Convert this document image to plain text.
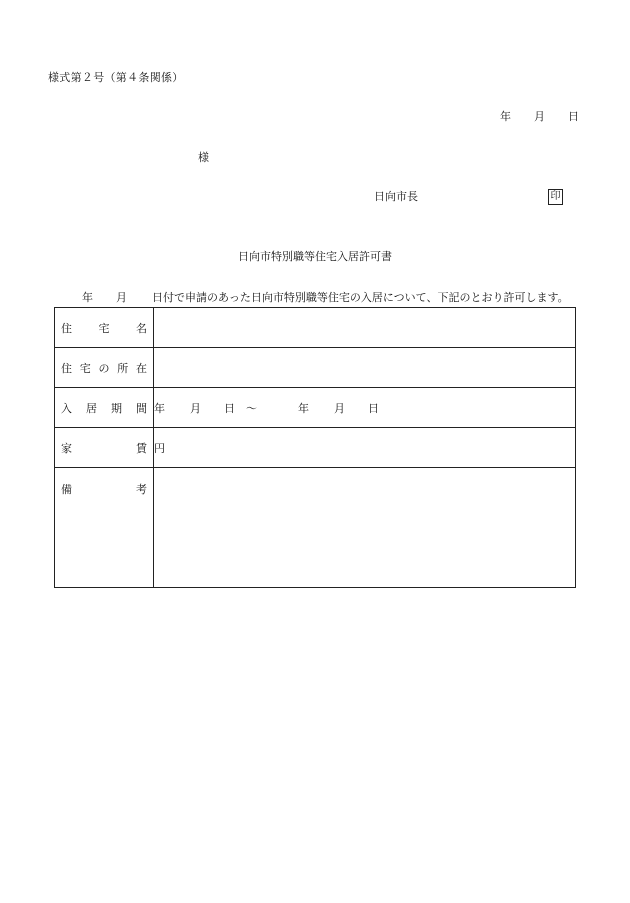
様式第２号（第４条関係）
年 月 日
様
日向市長	印
日向市特別職等住宅入居許可書
年 月 日付で申請のあった日向市特別職等住宅の入居について、下記のとおり許可します。
住 宅 名	

住 宅 の 所 在	

入 居 期 間	年 月 日 ～ 年 月 日

家 賃	円

備 考	
